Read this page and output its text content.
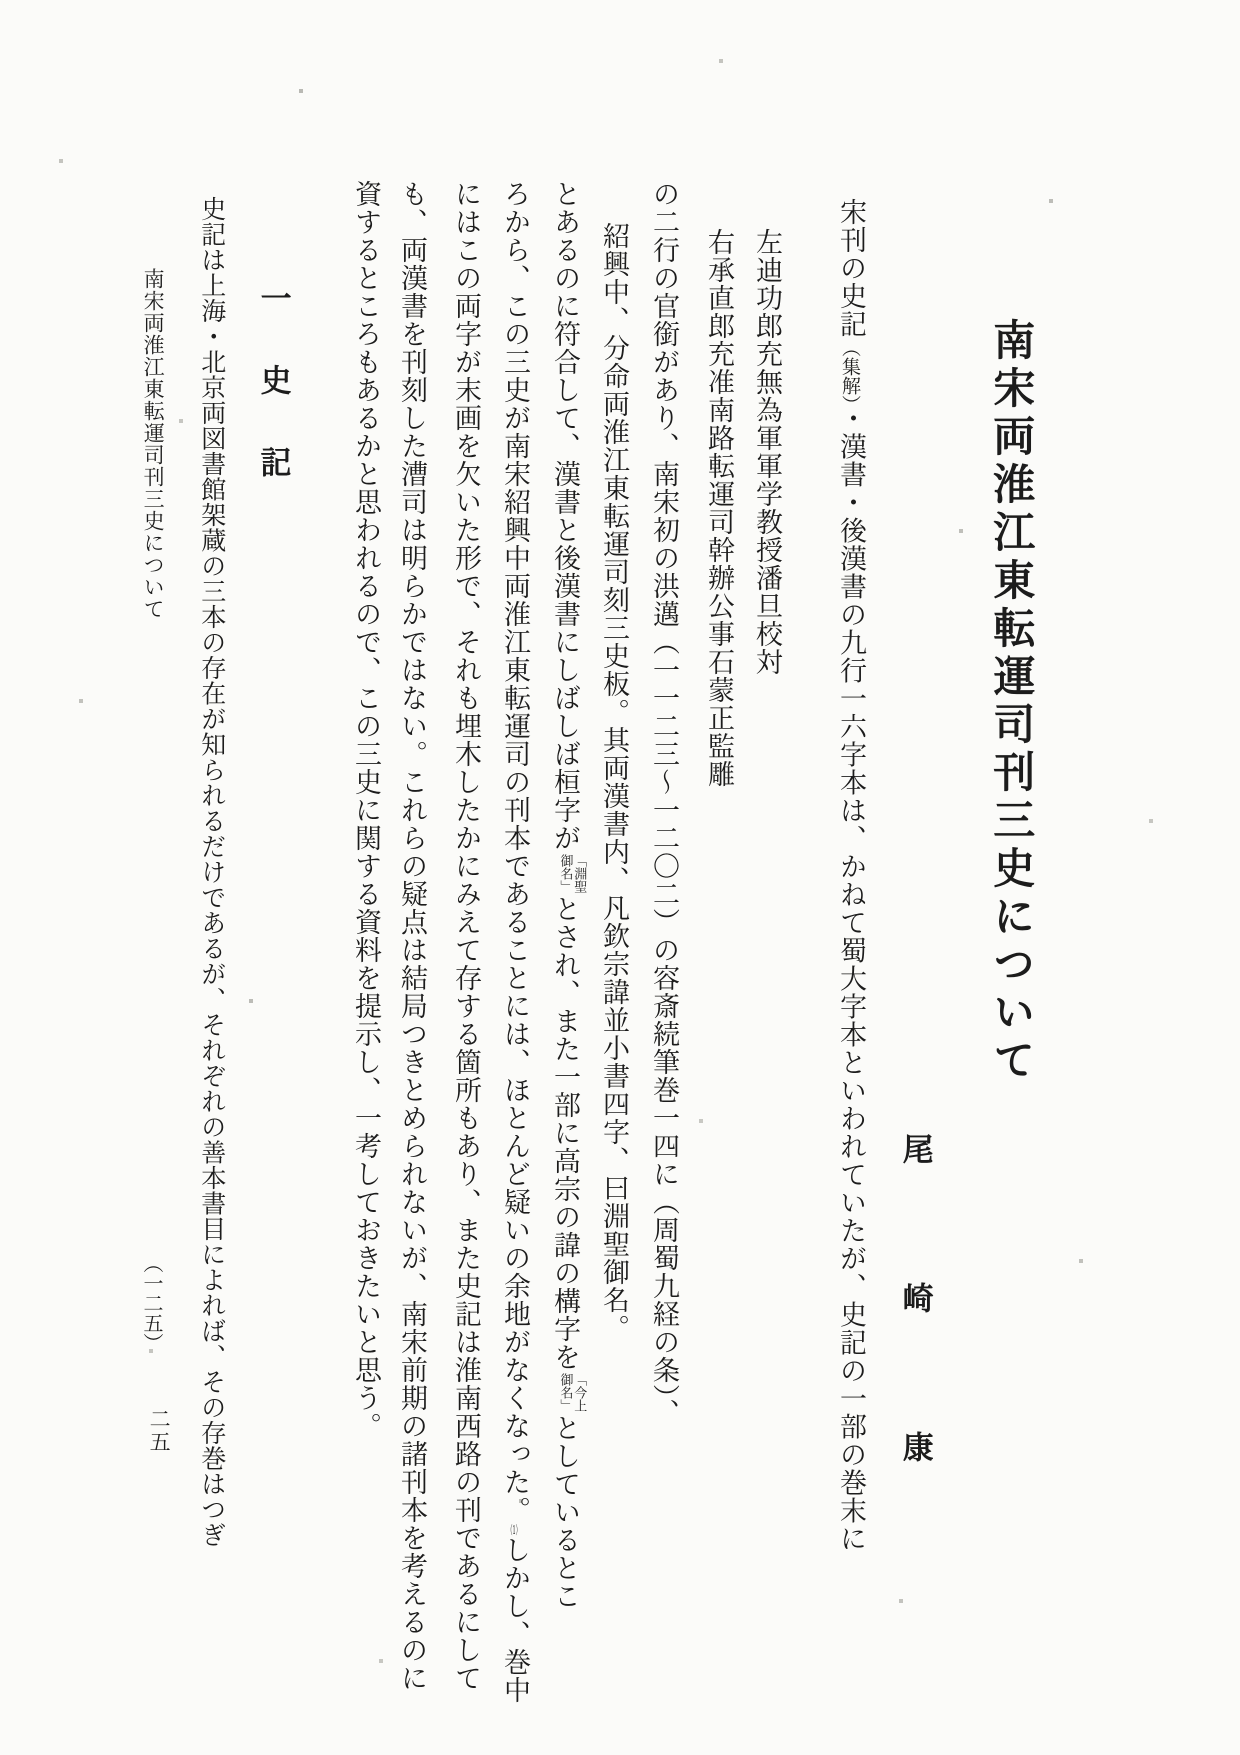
南宋両淮江東転運司刊三史について
尾崎康
宋刊の史記（集解）・漢書・後漢書の九行一六字本は、かねて蜀大字本といわれていたが、史記の一部の巻末に
左迪功郎充無為軍軍学教授潘旦校対
右承直郎充准南路転運司幹辦公事石蒙正監雕
の二行の官銜があり、南宋初の洪邁（一一二三〜一二〇二）の容斎続筆巻一四に（周蜀九経の条）、
紹興中、分命両淮江東転運司刻三史板。其両漢書内、凡欽宗諱並小書四字、曰淵聖御名。
とあるのに符合して、漢書と後漢書にしばしば桓字が
「淵聖
御名」
とされ、また一部に高宗の諱の構字を
「今上
御名」
としているとこ
ろから、この三史が南宋紹興中両淮江東転運司の刊本であることには、ほとんど疑いの余地がなくなった。（1）しかし、巻中
にはこの両字が末画を欠いた形で、それも埋木したかにみえて存する箇所もあり、また史記は淮南西路の刊であるにして
も、両漢書を刊刻した漕司は明らかではない。これらの疑点は結局つきとめられないが、南宋前期の諸刊本を考えるのに
資するところもあるかと思われるので、この三史に関する資料を提示し、一考しておきたいと思う。
一　史　記
史記は上海・北京両図書館架蔵の三本の存在が知られるだけであるが、それぞれの善本書目によれば、その存巻はつぎ
南宋両淮江東転運司刊三史について
（一二五）
二五
